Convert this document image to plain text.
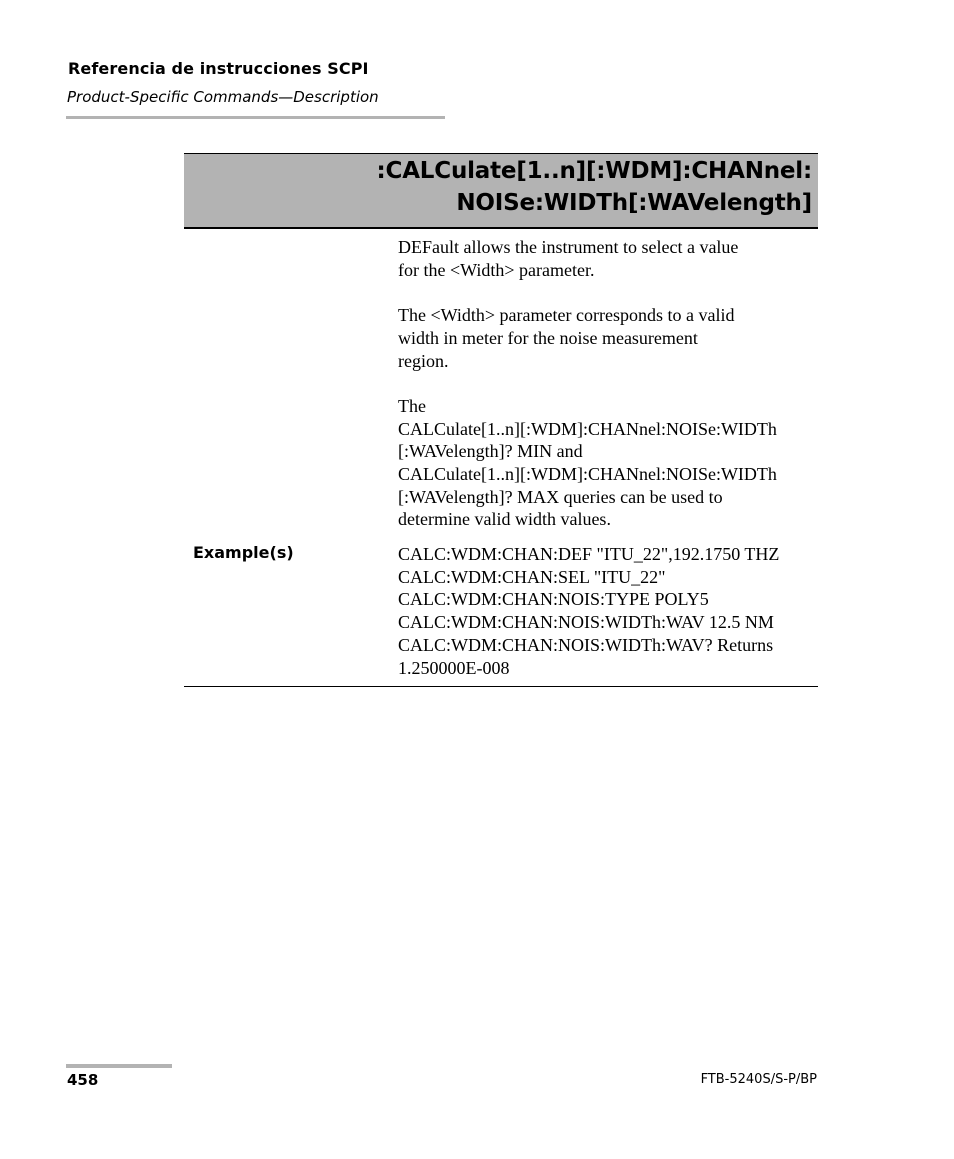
Referencia de instrucciones SCPI
Product-Specific Commands—Description
:CALCulate[1..n][:WDM]:CHANnel:
NOISe:WIDTh[:WAVelength]

DEFault allows the instrument to select a value
for the <Width> parameter.

The <Width> parameter corresponds to a valid
width in meter for the noise measurement
region.

The
CALCulate[1..n][:WDM]:CHANnel:NOISe:WIDTh
[:WAVelength]? MIN and
CALCulate[1..n][:WDM]:CHANnel:NOISe:WIDTh
[:WAVelength]? MAX queries can be used to
determine valid width values.

Example(s)	CALC:WDM:CHAN:DEF "ITU_22",192.1750 THZ
CALC:WDM:CHAN:SEL "ITU_22"
CALC:WDM:CHAN:NOIS:TYPE POLY5
CALC:WDM:CHAN:NOIS:WIDTh:WAV 12.5 NM
CALC:WDM:CHAN:NOIS:WIDTh:WAV? Returns
1.250000E-008
458	FTB-5240S/S-P/BP
